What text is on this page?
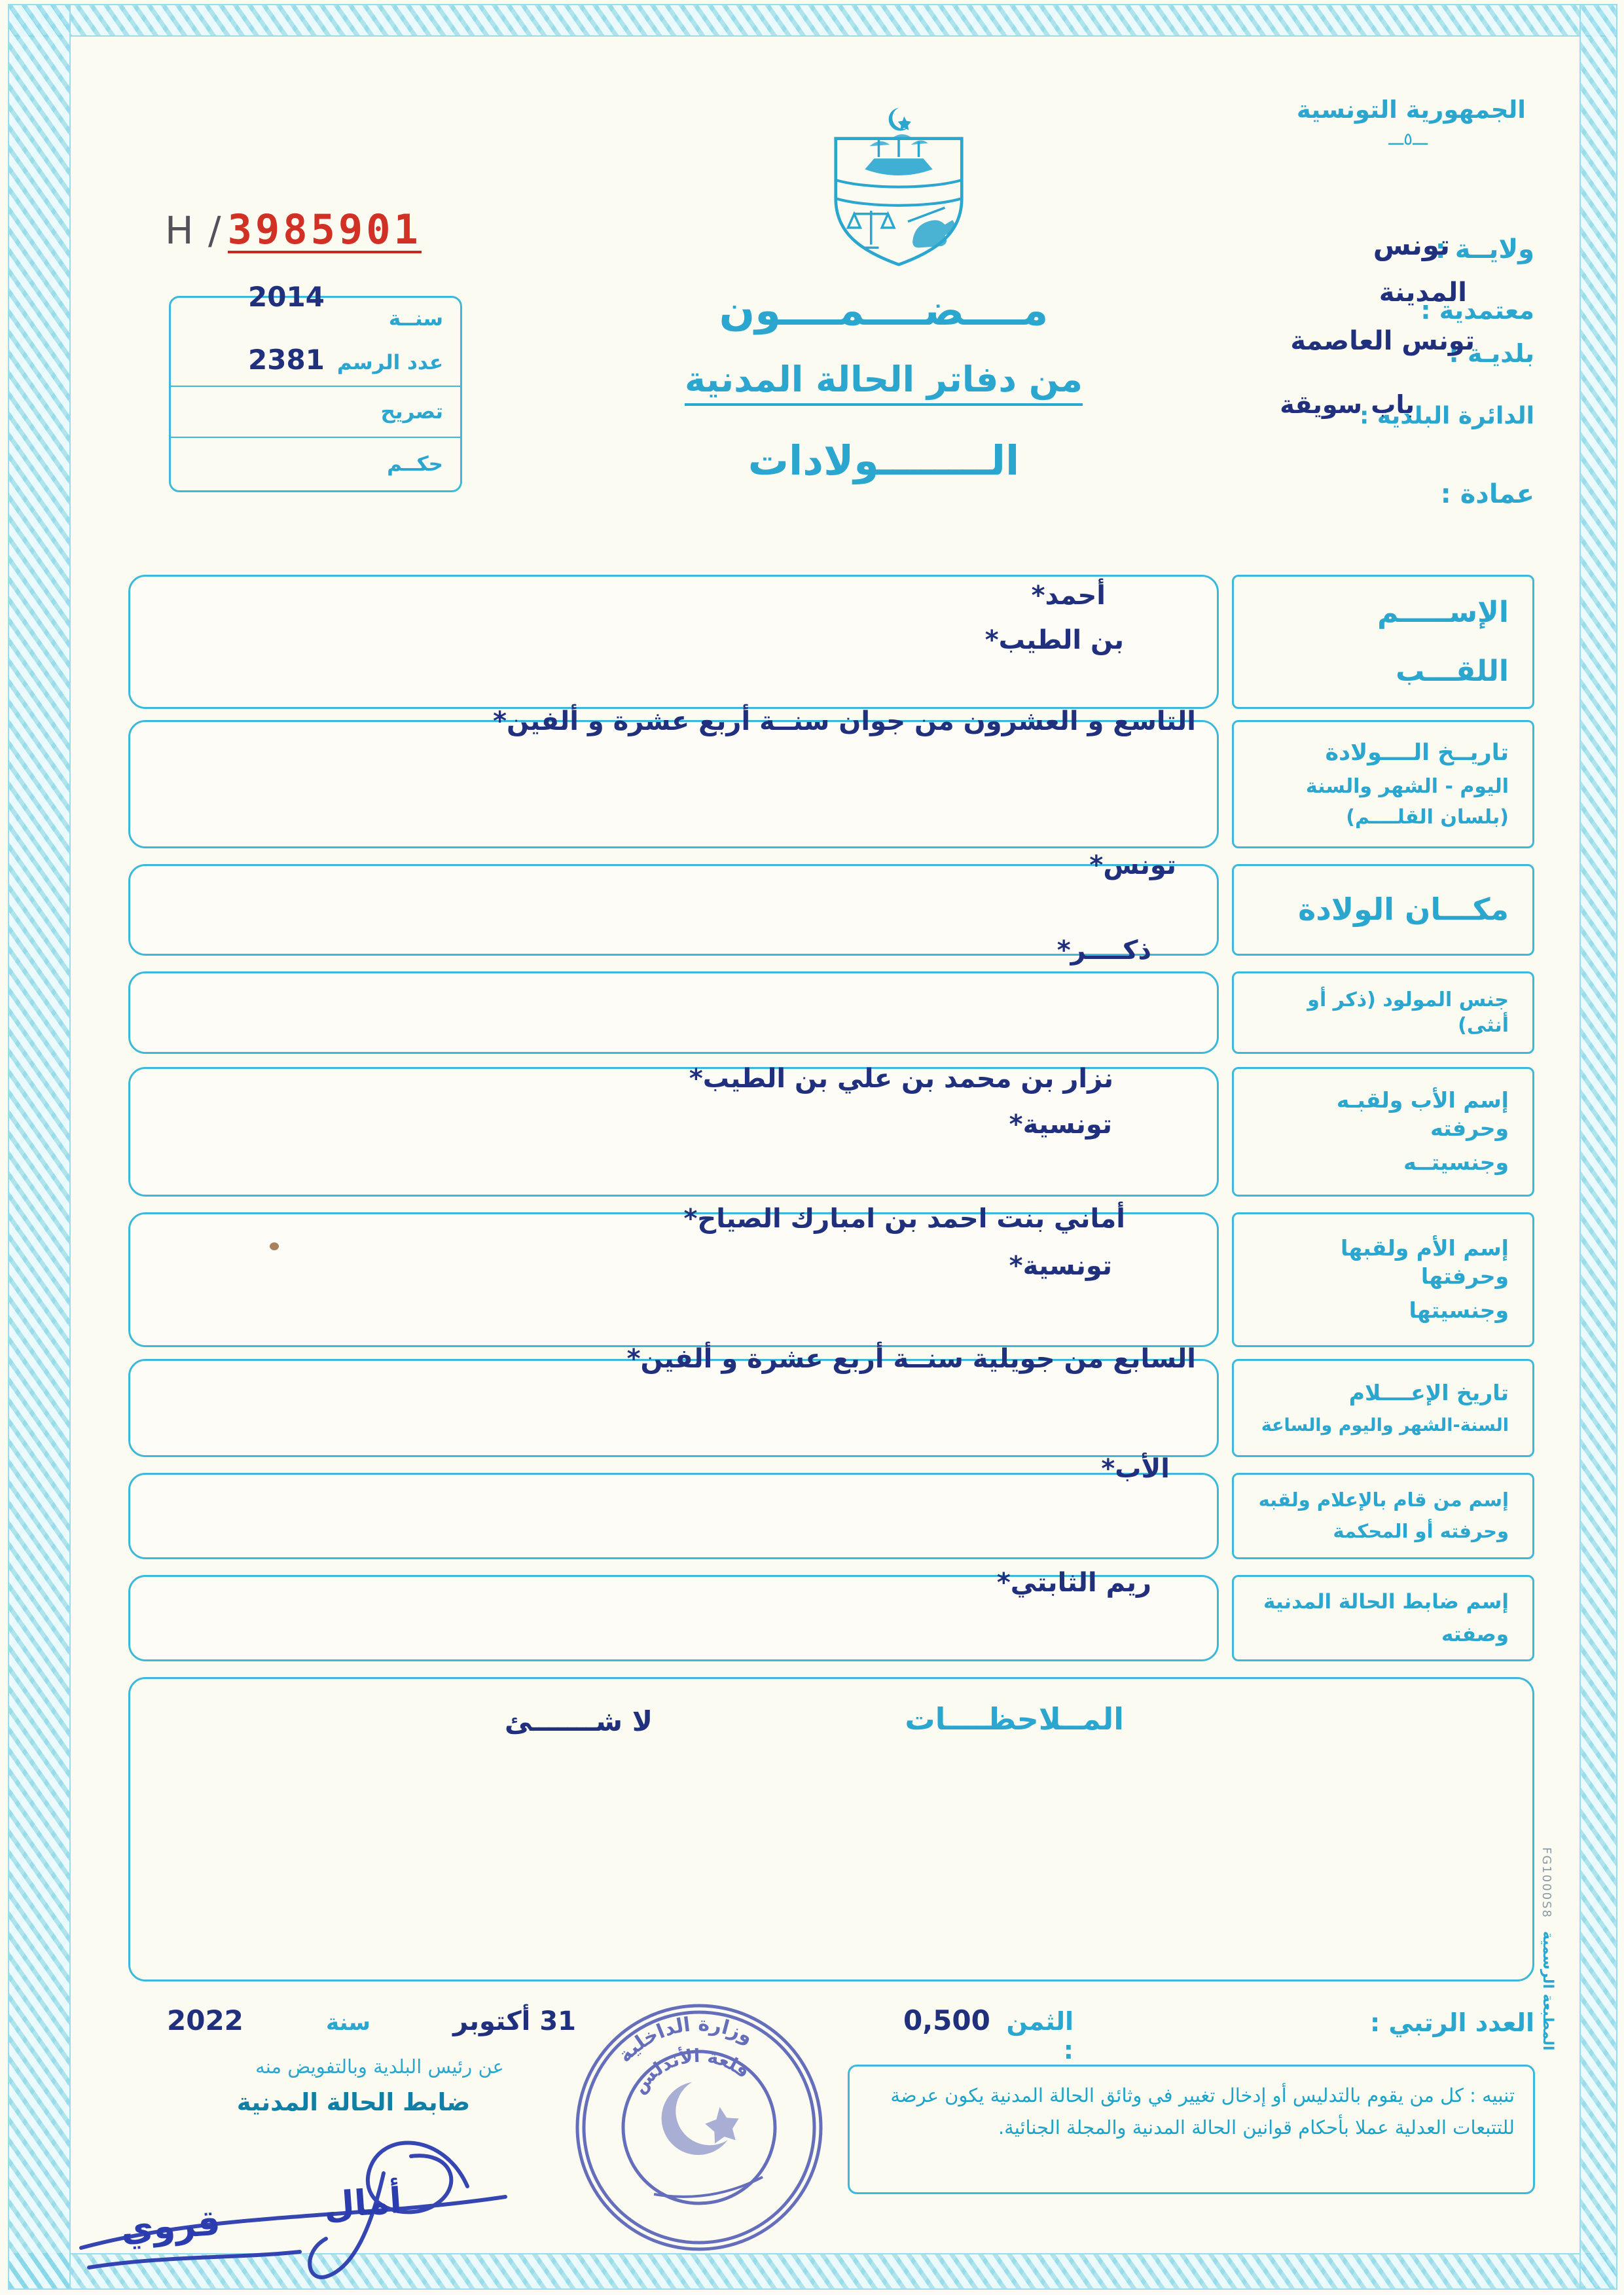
الجمهورية التونسية
ـــ٥ـــ
H / 3985901
سنــة
2014
عدد الرسم
2381
تصريح
حكــم
ولايــة :
تونس
معتمدية :
المدينة
بلديـة :
تونس العاصمة
الدائرة البلدية :
باب سويقة
عمادة :
مــــضــــمــــون
من دفاتر الحالة المدنية
الــــــــولادات
أحمد*
بن الطيب*
الإســـــم
اللقـــب
التاسع و العشرون من جوان سنــة أربع عشرة و ألفين*
تاريــخ الــــولادة
اليوم - الشهر والسنة
(بلسان القلــــم)
تونس*
مكـــان الولادة
ذكــــر*
جنس المولود (ذكر أو أنثى)
نزار بن محمد بن علي بن الطيب*
تونسية*
إسم الأب ولقبـه وحرفته
وجنسيتــه
أماني بنت احمد بن امبارك الصياح*
تونسية*
إسم الأم ولقبها وحرفتها
وجنسيتها
السابع من جويلية سنــة أربع عشرة و ألفين*
تاريخ الإعــــلام
السنة-الشهر واليوم والساعة
الأب*
إسم من قام بالإعلام ولقبه
وحرفته أو المحكمة
ريم الثابتي*
إسم ضابط الحالة المدنية
وصفته
المــلاحظــــات
لا شـــــــئ
العدد الرتبي :
الثمن :
0,500
تنبيه : كل من يقوم بالتدليس أو إدخال تغيير في وثائق الحالة المدنية يكون عرضة للتتبعات العدلية عملا بأحكام قوانين الحالة المدنية والمجلة الجنائية.
31 أكتوبر
سنة
2022
عن رئيس البلدية وبالتفويض منه
ضابط الحالة المدنية
وزارة الداخلية
قلعة الأندلس
أمال
قروي
FG1000S8
المطبعة الرسمية
